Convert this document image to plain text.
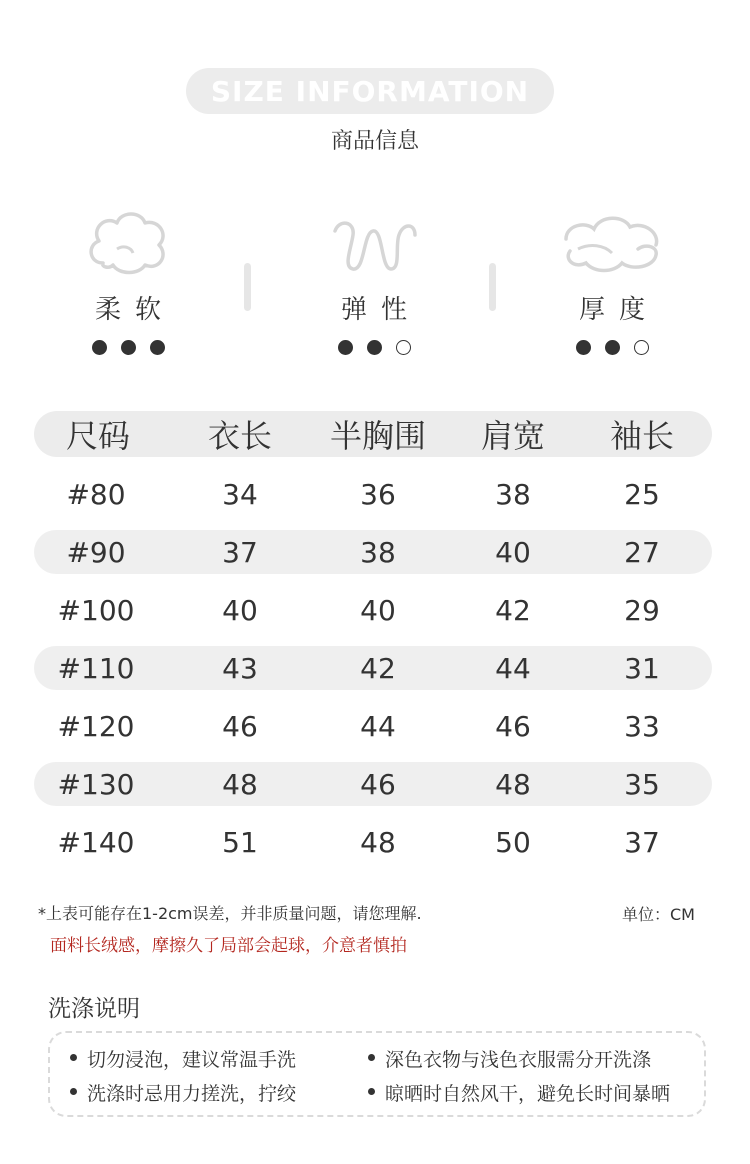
SIZE INFORMATION
商品信息
柔软	弹性	厚度
尺码 衣长 半胸围 肩宽 袖长
#80	34	36	38	25
#90	37	38	40	27
#100	40	40	42	29
#110	43	42	44	31
#120	46	44	46	33
#130	48	46	48	35
#140	51	48	50	37
*上表可能存在1-2cm误差，并非质量问题，请您理解.	单位：CM
面料长绒感，摩擦久了局部会起球，介意者慎拍
洗涤说明
切勿浸泡，建议常温手洗	深色衣物与浅色衣服需分开洗涤
洗涤时忌用力搓洗，拧绞	晾晒时自然风干，避免长时间暴晒
